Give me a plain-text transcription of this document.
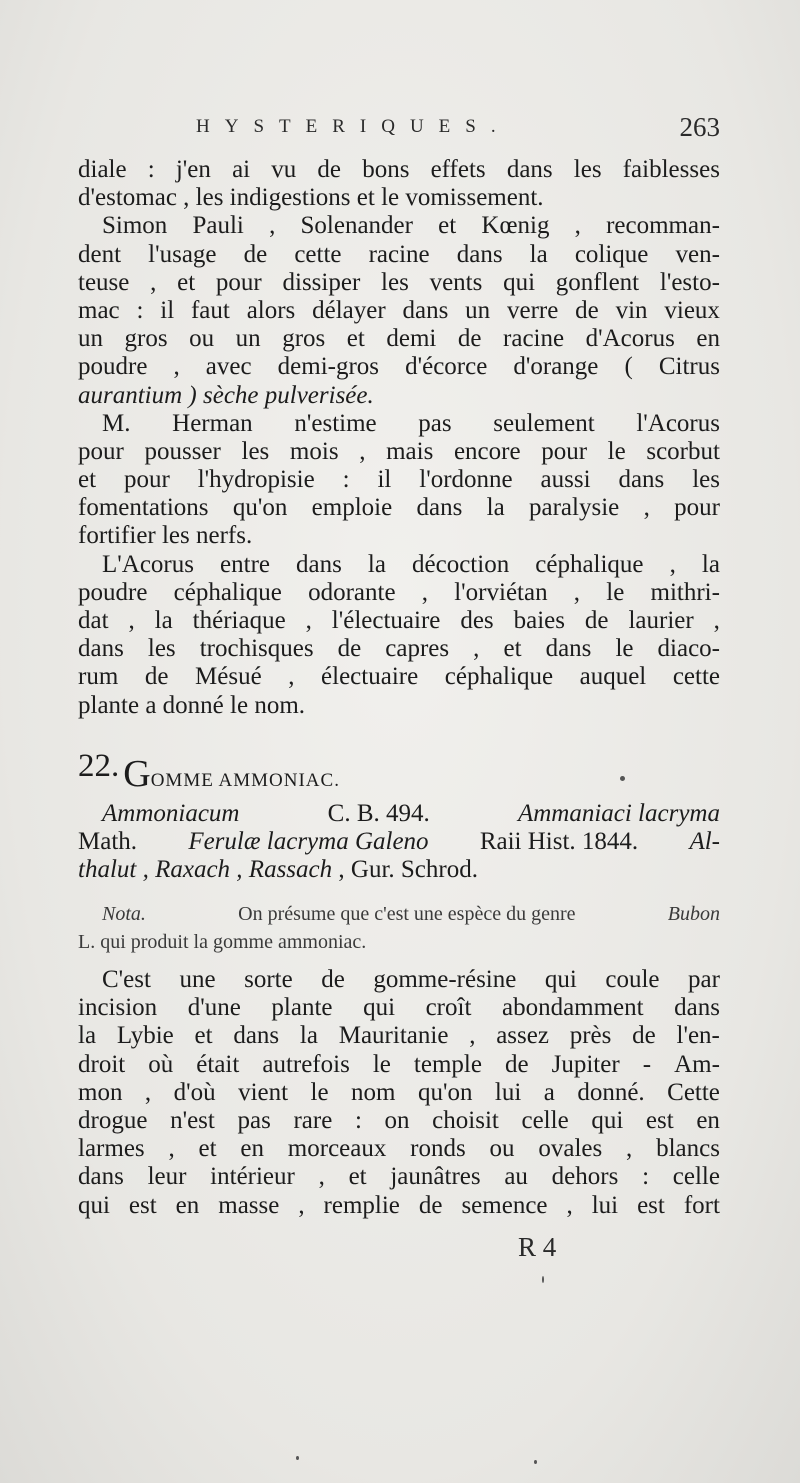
HYSTERIQUES.	263
diale : j'en ai vu de bons effets dans les faiblesses
d'estomac , les indigestions et le vomissement.
Simon Pauli , Solenander et Kœnig , recomman-
dent l'usage de cette racine dans la colique ven-
teuse , et pour dissiper les vents qui gonflent l'esto-
mac : il faut alors délayer dans un verre de vin vieux
un gros ou un gros et demi de racine d'Acorus en
poudre , avec demi-gros d'écorce d'orange ( Citrus
aurantium ) sèche pulverisée.
M. Herman n'estime pas seulement l'Acorus
pour pousser les mois , mais encore pour le scorbut
et pour l'hydropisie : il l'ordonne aussi dans les
fomentations qu'on emploie dans la paralysie , pour
fortifier les nerfs.
L'Acorus entre dans la décoction céphalique , la
poudre céphalique odorante , l'orviétan , le mithri-
dat , la thériaque , l'électuaire des baies de laurier ,
dans les trochisques de capres , et dans le diaco-
rum de Mésué , électuaire céphalique auquel cette
plante a donné le nom.
22. GOMME AMMONIAC.
Ammoniacum	C. B. 494.	Ammaniaci lacryma
Math. Ferulæ lacryma Galeno Raii Hist. 1844. Al-
thalut , Raxach , Rassach
, Gur. Schrod.
Nota.	On présume que c'est une espèce du genre	Bubon
L. qui produit la gomme ammoniac.
C'est une sorte de gomme-résine qui coule par
incision d'une plante qui croît abondamment dans
la Lybie et dans la Mauritanie , assez près de l'en-
droit où était autrefois le temple de Jupiter - Am-
mon , d'où vient le nom qu'on lui a donné. Cette
drogue n'est pas rare : on choisit celle qui est en
larmes , et en morceaux ronds ou ovales , blancs
dans leur intérieur , et jaunâtres au dehors : celle
qui est en masse , remplie de semence , lui est fort
R 4
